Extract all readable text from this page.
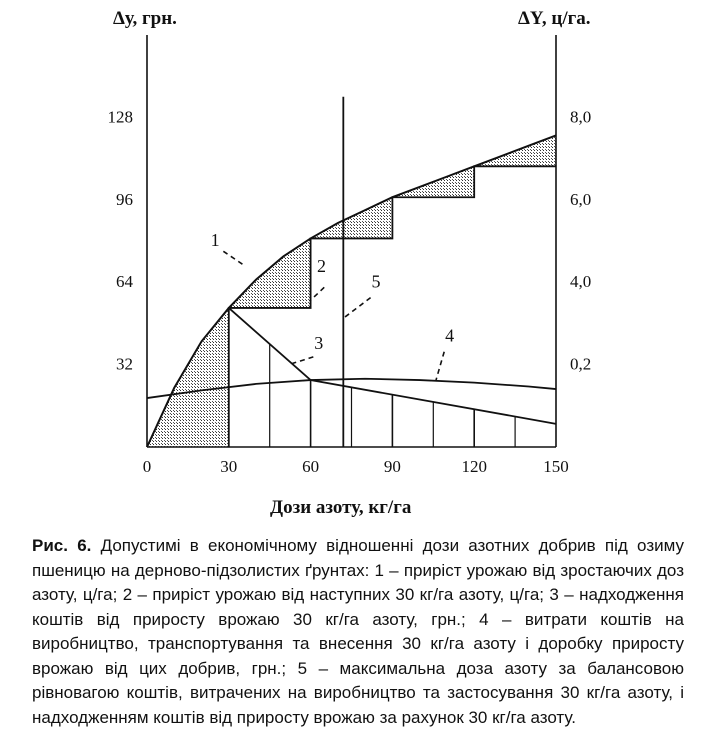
Δу, грн.	ΔY, ц/га.
0	30	60	90	120	150
32	0,2
64	4,0
96	6,0
128	8,0
1
2
3	4
5
Дози азоту, кг/га
Рис. 6. Допустимі в економічному відношенні дози азотних добрив під озиму пшеницю на дерново-підзолистих ґрунтах: 1 – приріст урожаю від зростаючих доз азоту, ц/га; 2 – приріст урожаю від наступних 30 кг/га азоту, ц/га; 3 – надходження коштів від приросту врожаю 30 кг/га азоту, грн.; 4 – витрати коштів на виробництво, транспортування та внесення 30 кг/га азоту і доробку приросту врожаю від цих добрив, грн.; 5 – максимальна доза азоту за балансовою рівновагою коштів, витрачених на виробництво та застосування 30 кг/га азоту, і надходженням коштів від приросту врожаю за рахунок 30 кг/га азоту.
